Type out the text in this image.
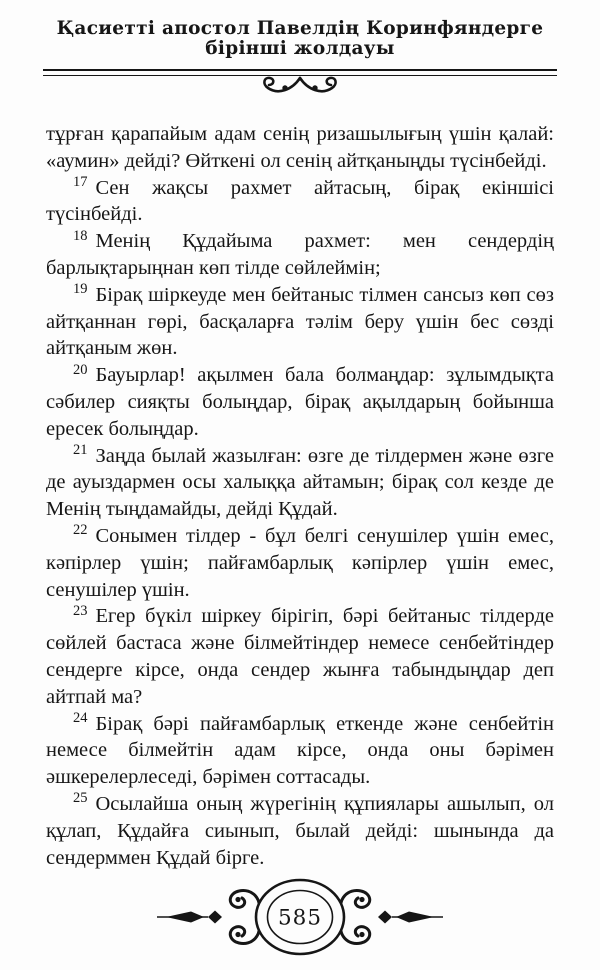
Қасиетті апостол Павелдің Коринфяндерге
бірінші жолдауы

тұрған қарапайым адам сенің ризашылығың үшін қалай: «аумин» дейді? Өйткені ол сенің айтқаныңды түсінбейді.

$^{17}$ Сен жақсы рахмет айтасың, бірақ екіншісі түсінбейді.

$^{18}$ Менің Құдайыма рахмет: мен сендердің барлықтарыңнан көп тілде сөйлеймін;

$^{19}$ Бірақ шіркеуде мен бейтаныс тілмен сансыз көп сөз айтқаннан гөрі, басқаларға тәлім беру үшін бес сөзді айтқаным жөн.

$^{20}$ Бауырлар! ақылмен бала болмаңдар: зұлымдықта сәбилер сияқты болыңдар, бірақ ақылдарың бойынша ересек болыңдар.

$^{21}$ Заңда былай жазылған: өзге де тілдермен және өзге де ауыздармен осы халыққа айтамын; бірақ сол кезде де Менің тыңдамайды, дейді Құдай.

$^{22}$ Сонымен тілдер - бұл белгі сенушілер үшін емес, кәпірлер үшін; пайғамбарлық кәпірлер үшін емес, сенушілер үшін.

$^{23}$ Егер бүкіл шіркеу бірігіп, бәрі бейтаныс тілдерде сөйлей бастаса және білмейтіндер немесе сенбейтіндер сендерге кірсе, онда сендер жынға табындыңдар деп айтпай ма?

$^{24}$ Бірақ бәрі пайғамбарлық еткенде және сенбейтін немесе білмейтін адам кірсе, онда оны бәрімен әшкерелерлеседі, бәрімен соттасады.

$^{25}$ Осылайша оның жүрегінің құпиялары ашылып, ол құлап, Құдайға сиынып, былай дейді: шынында да сендерммен Құдай бірге.

585
